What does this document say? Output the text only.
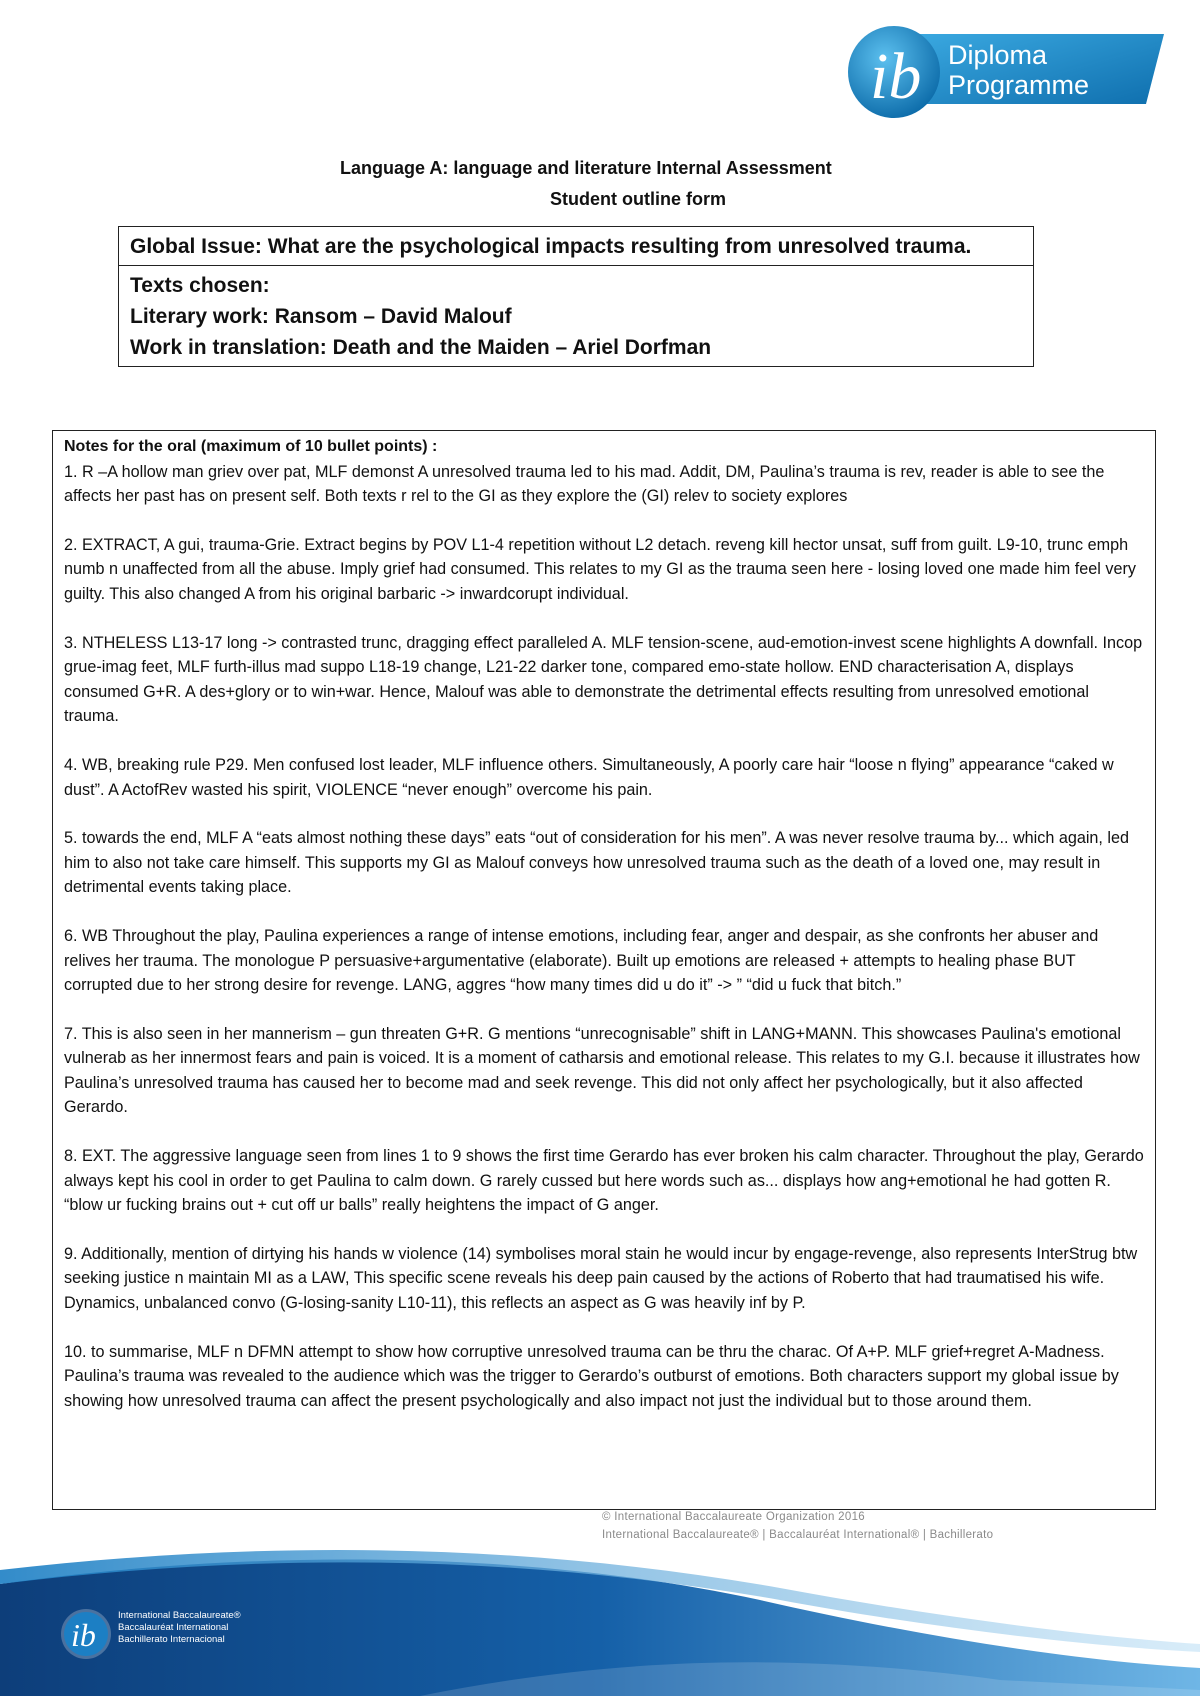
ib Diploma
Programme
Language A: language and literature Internal Assessment
Student outline form
Global Issue: What are the psychological impacts resulting from unresolved trauma.
Texts chosen:
Literary work: Ransom – David Malouf
Work in translation: Death and the Maiden – Ariel Dorfman
Notes for the oral (maximum of 10 bullet points) :
1. R –A hollow man griev over pat, MLF demonst A unresolved trauma led to his mad. Addit, DM, Paulina’s trauma is rev, reader is able to see the affects her past has on present self. Both texts r rel to the GI as they explore the (GI) relev to society explores
2. EXTRACT, A gui, trauma-Grie. Extract begins by POV L1-4 repetition without L2 detach. reveng kill hector unsat, suff from guilt. L9-10, trunc emph numb n unaffected from all the abuse. Imply grief had consumed. This relates to my GI as the trauma seen here - losing loved one made him feel very guilty. This also changed A from his original barbaric -> inwardcorupt individual.
3. NTHELESS L13-17 long -> contrasted trunc, dragging effect paralleled A. MLF tension-scene, aud-emotion-invest scene highlights A downfall. Incop grue-imag feet, MLF furth-illus mad suppo L18-19 change, L21-22 darker tone, compared emo-state hollow. END characterisation A, displays consumed G+R. A des+glory or to win+war. Hence, Malouf was able to demonstrate the detrimental effects resulting from unresolved emotional trauma.
4. WB, breaking rule P29. Men confused lost leader, MLF influence others. Simultaneously, A poorly care hair “loose n flying” appearance “caked w dust”. A ActofRev wasted his spirit, VIOLENCE “never enough” overcome his pain.
5. towards the end, MLF A “eats almost nothing these days” eats “out of consideration for his men”. A was never resolve trauma by... which again, led him to also not take care himself. This supports my GI as Malouf conveys how unresolved trauma such as the death of a loved one, may result in detrimental events taking place.
6. WB Throughout the play, Paulina experiences a range of intense emotions, including fear, anger and despair, as she confronts her abuser and relives her trauma. The monologue P persuasive+argumentative (elaborate). Built up emotions are released + attempts to healing phase BUT corrupted due to her strong desire for revenge. LANG, aggres “how many times did u do it” -> ” “did u fuck that bitch.”
7. This is also seen in her mannerism – gun threaten G+R. G mentions “unrecognisable” shift in LANG+MANN. This showcases Paulina's emotional vulnerab as her innermost fears and pain is voiced. It is a moment of catharsis and emotional release. This relates to my G.I. because it illustrates how Paulina’s unresolved trauma has caused her to become mad and seek revenge. This did not only affect her psychologically, but it also affected Gerardo.
8. EXT. The aggressive language seen from lines 1 to 9 shows the first time Gerardo has ever broken his calm character. Throughout the play, Gerardo always kept his cool in order to get Paulina to calm down. G rarely cussed but here words such as... displays how ang+emotional he had gotten R. “blow ur fucking brains out + cut off ur balls” really heightens the impact of G anger.
9. Additionally, mention of dirtying his hands w violence (14) symbolises moral stain he would incur by engage-revenge, also represents InterStrug btw seeking justice n maintain MI as a LAW, This specific scene reveals his deep pain caused by the actions of Roberto that had traumatised his wife. Dynamics, unbalanced convo (G-losing-sanity L10-11), this reflects an aspect as G was heavily inf by P.
10. to summarise, MLF n DFMN attempt to show how corruptive unresolved trauma can be thru the charac. Of A+P. MLF grief+regret A-Madness. Paulina’s trauma was revealed to the audience which was the trigger to Gerardo’s outburst of emotions. Both characters support my global issue by showing how unresolved trauma can affect the present psychologically and also impact not just the individual but to those around them.
© International Baccalaureate Organization 2016
International Baccalaureate® | Baccalauréat International® | Bachillerato
ib
International Baccalaureate®
Baccalauréat International
Bachillerato Internacional
